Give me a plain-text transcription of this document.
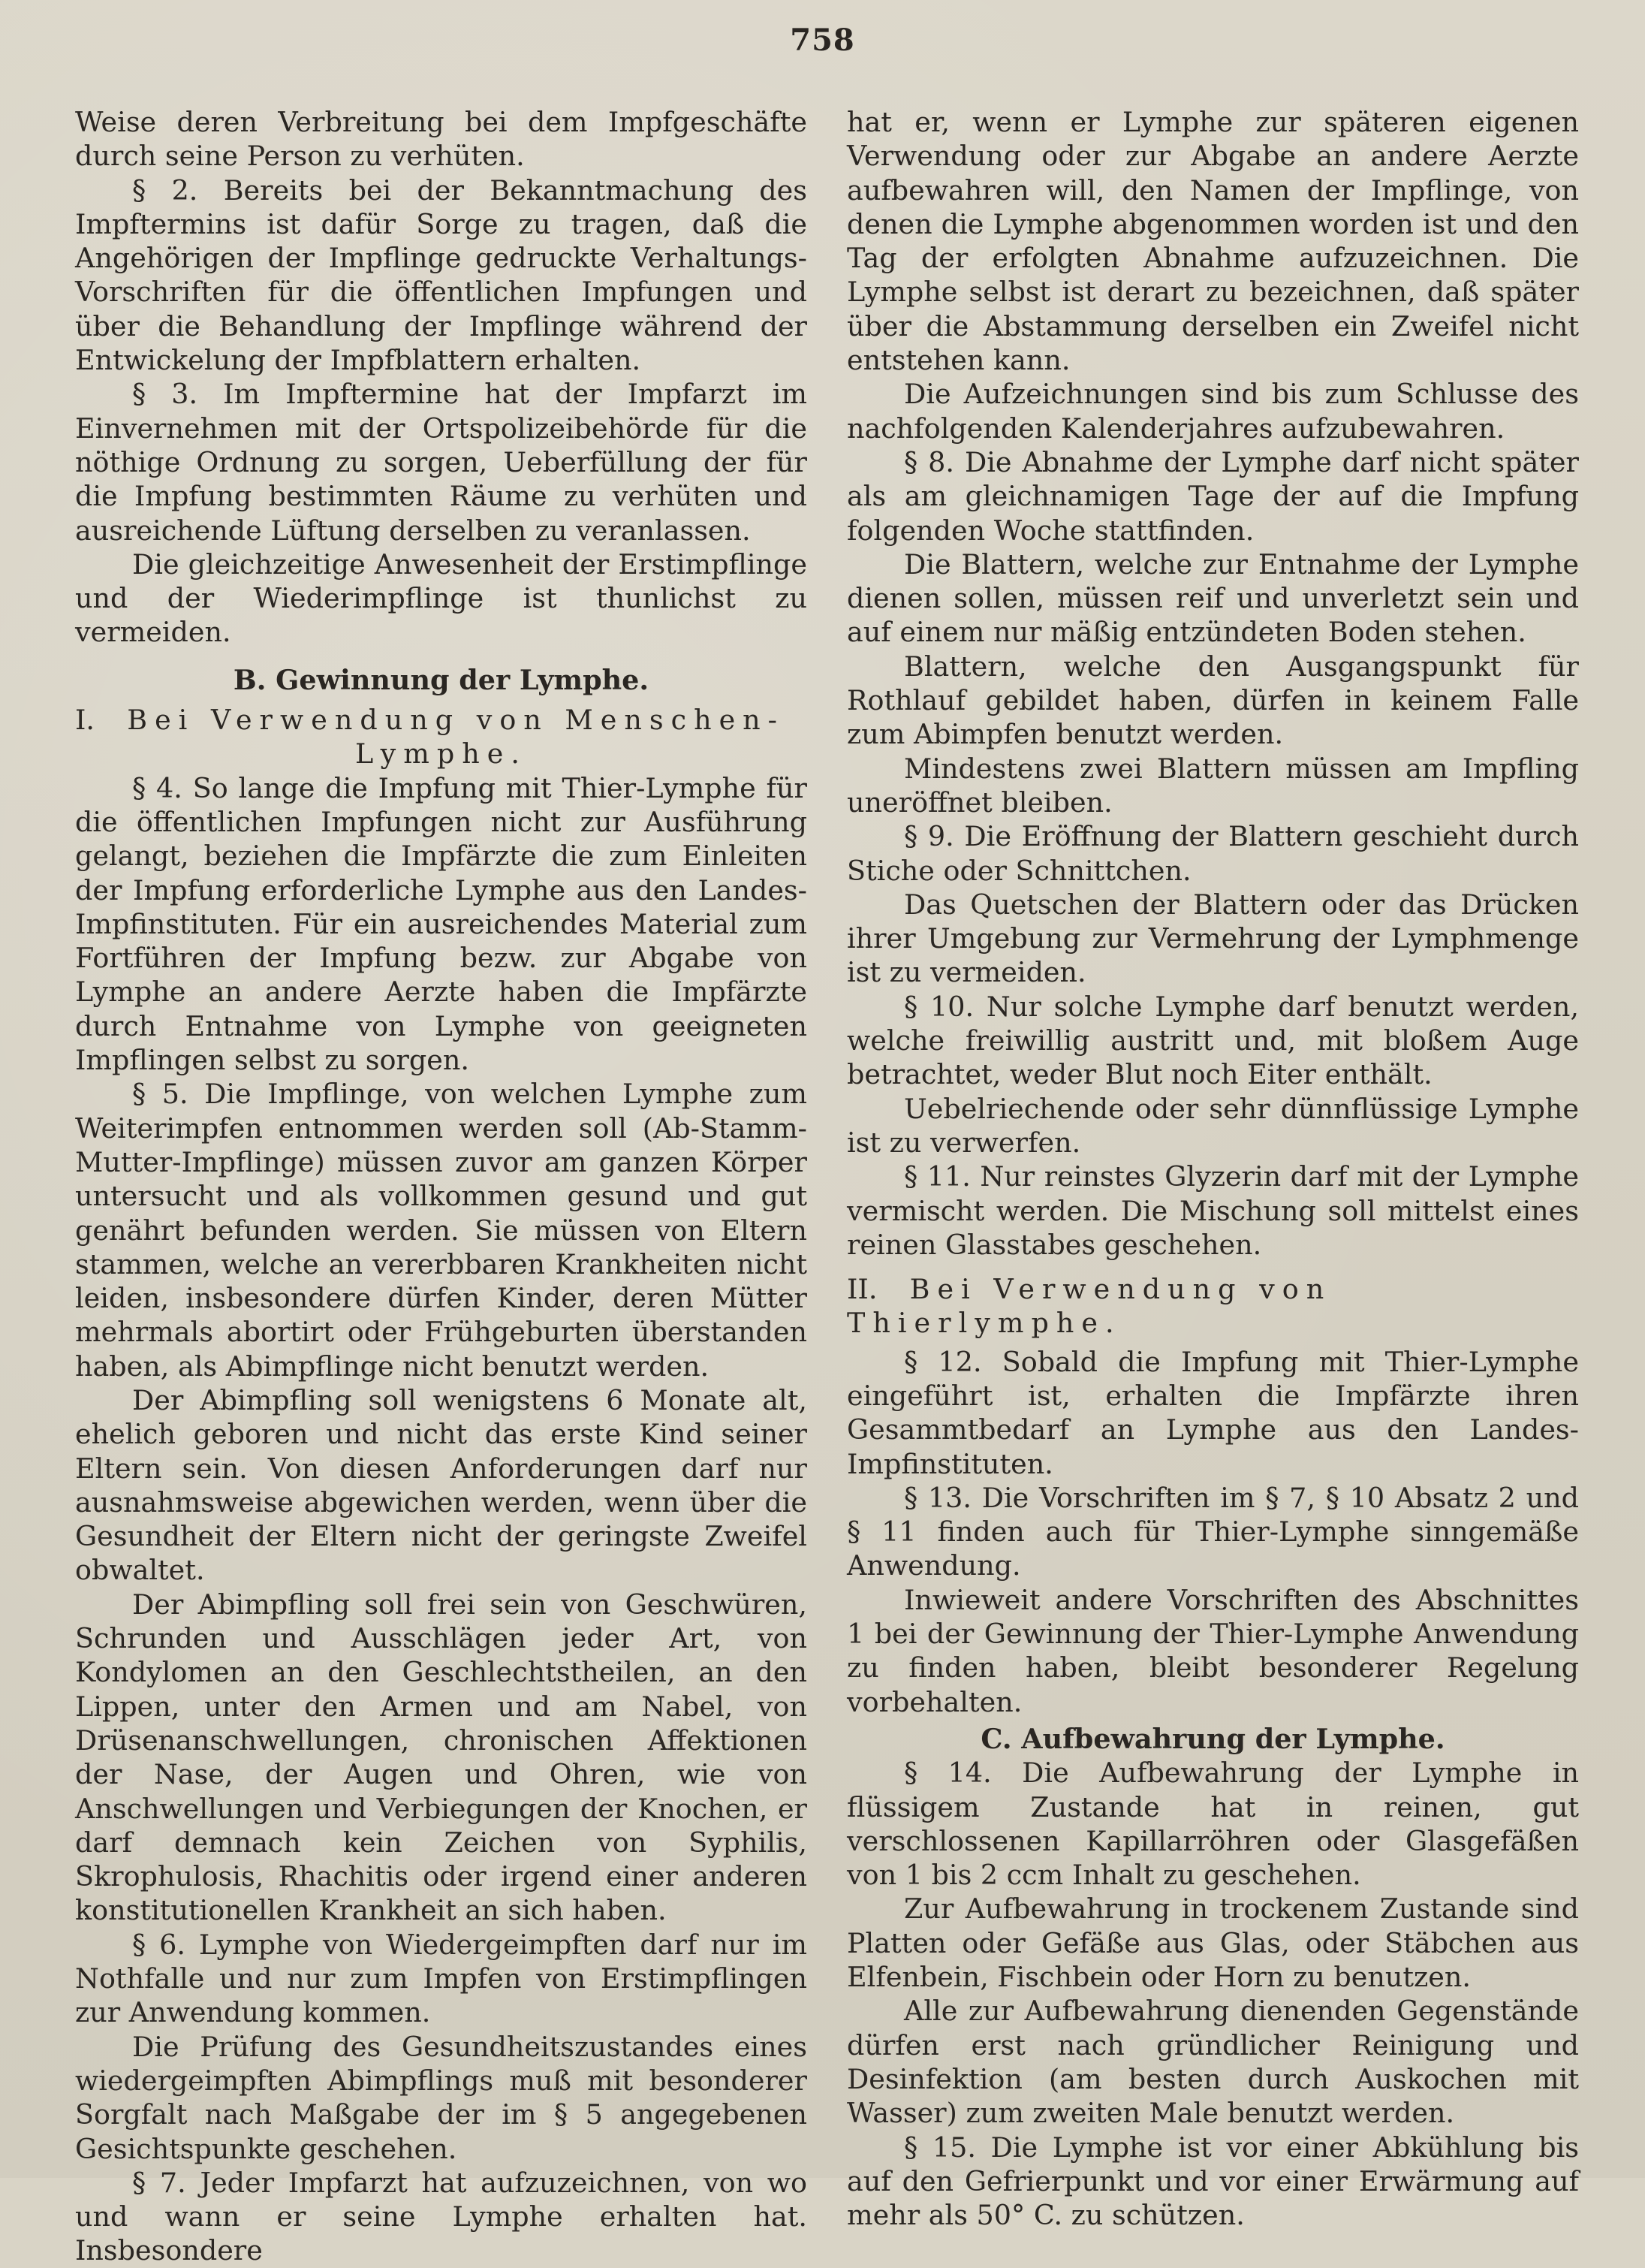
758

Weise deren Verbreitung bei dem Impfgeschäfte durch seine Person zu verhüten.

§ 2. Bereits bei der Bekanntmachung des Impftermins ist dafür Sorge zu tragen, daß die Angehörigen der Impflinge gedruckte Verhaltungs-Vorschriften für die öffentlichen Impfungen und über die Behandlung der Impflinge während der Entwickelung der Impfblattern erhalten.

§ 3. Im Impftermine hat der Impfarzt im Einvernehmen mit der Ortspolizeibehörde für die nöthige Ordnung zu sorgen, Ueberfüllung der für die Impfung bestimmten Räume zu verhüten und ausreichende Lüftung derselben zu veranlassen.

Die gleichzeitige Anwesenheit der Erstimpflinge und der Wiederimpflinge ist thunlichst zu vermeiden.

B. Gewinnung der Lymphe.

I. Bei Verwendung von Menschen-

Lymphe.

§ 4. So lange die Impfung mit Thier-Lymphe für die öffentlichen Impfungen nicht zur Ausführung gelangt, beziehen die Impfärzte die zum Einleiten der Impfung erforderliche Lymphe aus den Landes-Impfinstituten. Für ein ausreichendes Material zum Fortführen der Impfung bezw. zur Abgabe von Lymphe an andere Aerzte haben die Impfärzte durch Entnahme von Lymphe von geeigneten Impflingen selbst zu sorgen.

§ 5. Die Impflinge, von welchen Lymphe zum Weiterimpfen entnommen werden soll (Ab-Stamm-Mutter-Impflinge) müssen zuvor am ganzen Körper untersucht und als vollkommen gesund und gut genährt befunden werden. Sie müssen von Eltern stammen, welche an vererbbaren Krankheiten nicht leiden, insbesondere dürfen Kinder, deren Mütter mehrmals abortirt oder Frühgeburten überstanden haben, als Abimpflinge nicht benutzt werden.

Der Abimpfling soll wenigstens 6 Monate alt, ehelich geboren und nicht das erste Kind seiner Eltern sein. Von diesen Anforderungen darf nur ausnahmsweise abgewichen werden, wenn über die Gesundheit der Eltern nicht der geringste Zweifel obwaltet.

Der Abimpfling soll frei sein von Geschwüren, Schrunden und Ausschlägen jeder Art, von Kondylomen an den Geschlechtstheilen, an den Lippen, unter den Armen und am Nabel, von Drüsenanschwellungen, chronischen Affektionen der Nase, der Augen und Ohren, wie von Anschwellungen und Verbiegungen der Knochen, er darf demnach kein Zeichen von Syphilis, Skrophulosis, Rhachitis oder irgend einer anderen konstitutionellen Krankheit an sich haben.

§ 6. Lymphe von Wiedergeimpften darf nur im Nothfalle und nur zum Impfen von Erstimpflingen zur Anwendung kommen.

Die Prüfung des Gesundheitszustandes eines wiedergeimpften Abimpflings muß mit besonderer Sorgfalt nach Maßgabe der im § 5 angegebenen Gesichtspunkte geschehen.

§ 7. Jeder Impfarzt hat aufzuzeichnen, von wo und wann er seine Lymphe erhalten hat. Insbesondere

hat er, wenn er Lymphe zur späteren eigenen Verwendung oder zur Abgabe an andere Aerzte aufbewahren will, den Namen der Impflinge, von denen die Lymphe abgenommen worden ist und den Tag der erfolgten Abnahme aufzuzeichnen. Die Lymphe selbst ist derart zu bezeichnen, daß später über die Abstammung derselben ein Zweifel nicht entstehen kann.

Die Aufzeichnungen sind bis zum Schlusse des nachfolgenden Kalenderjahres aufzubewahren.

§ 8. Die Abnahme der Lymphe darf nicht später als am gleichnamigen Tage der auf die Impfung folgenden Woche stattfinden.

Die Blattern, welche zur Entnahme der Lymphe dienen sollen, müssen reif und unverletzt sein und auf einem nur mäßig entzündeten Boden stehen.

Blattern, welche den Ausgangspunkt für Rothlauf gebildet haben, dürfen in keinem Falle zum Abimpfen benutzt werden.

Mindestens zwei Blattern müssen am Impfling uneröffnet bleiben.

§ 9. Die Eröffnung der Blattern geschieht durch Stiche oder Schnittchen.

Das Quetschen der Blattern oder das Drücken ihrer Umgebung zur Vermehrung der Lymphmenge ist zu vermeiden.

§ 10. Nur solche Lymphe darf benutzt werden, welche freiwillig austritt und, mit bloßem Auge betrachtet, weder Blut noch Eiter enthält.

Uebelriechende oder sehr dünnflüssige Lymphe ist zu verwerfen.

§ 11. Nur reinstes Glyzerin darf mit der Lymphe vermischt werden. Die Mischung soll mittelst eines reinen Glasstabes geschehen.

II. Bei Verwendung von Thierlymphe.

§ 12. Sobald die Impfung mit Thier-Lymphe eingeführt ist, erhalten die Impfärzte ihren Gesammtbedarf an Lymphe aus den Landes-Impfinstituten.

§ 13. Die Vorschriften im § 7, § 10 Absatz 2 und § 11 finden auch für Thier-Lymphe sinngemäße Anwendung.

Inwieweit andere Vorschriften des Abschnittes 1 bei der Gewinnung der Thier-Lymphe Anwendung zu finden haben, bleibt besonderer Regelung vorbehalten.

C. Aufbewahrung der Lymphe.

§ 14. Die Aufbewahrung der Lymphe in flüssigem Zustande hat in reinen, gut verschlossenen Kapillarröhren oder Glasgefäßen von 1 bis 2 ccm Inhalt zu geschehen.

Zur Aufbewahrung in trockenem Zustande sind Platten oder Gefäße aus Glas, oder Stäbchen aus Elfenbein, Fischbein oder Horn zu benutzen.

Alle zur Aufbewahrung dienenden Gegenstände dürfen erst nach gründlicher Reinigung und Desinfektion (am besten durch Auskochen mit Wasser) zum zweiten Male benutzt werden.

§ 15. Die Lymphe ist vor einer Abkühlung bis auf den Gefrierpunkt und vor einer Erwärmung auf mehr als 50° C. zu schützen.
